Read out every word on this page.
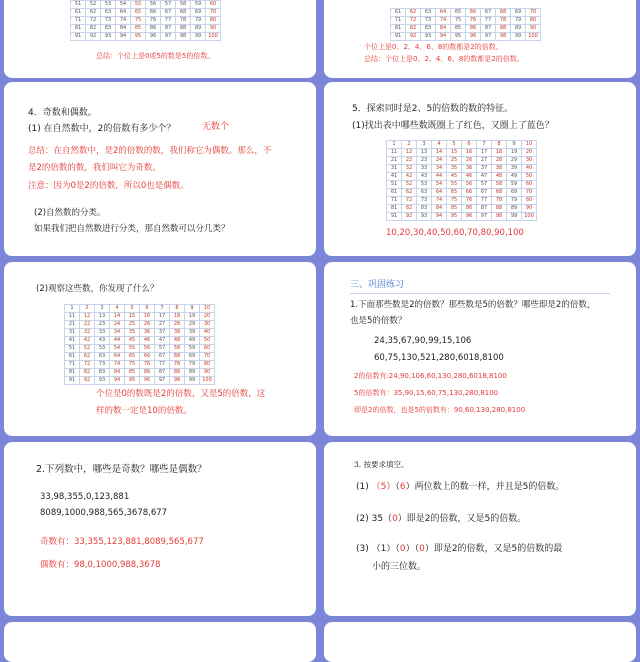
51	52	53	54	55	56	57	58	59	60
61	62	63	64	65	66	67	68	69	70
71	72	73	74	75	76	77	78	79	80
81	82	83	84	85	86	87	88	89	90
91	92	93	94	95	96	97	98	99	100

总结：个位上是0或5的数是5的倍数。

61	62	63	64	65	66	67	68	69	70
71	72	73	74	75	76	77	78	79	80
81	82	83	84	85	86	87	88	89	90
91	92	93	94	95	96	97	98	99	100

个位上是0、2、4、6、8的数都是2的倍数。

总结：个位上是0、2、4、6、8的数都是2的倍数。

4．奇数和偶数。

(1) 在自然数中，2的倍数有多少个？	无数个

总结：在自然数中，是2的倍数的数，我们称它为偶数。那么，不

是2的倍数的数，我们叫它为奇数。

注意：因为0是2的倍数，所以0也是偶数。

(2)自然数的分类。

如果我们把自然数进行分类，那自然数可以分几类？

5．探索同时是2、5的倍数的数的特征。

(1)找出表中哪些数既圈上了红色，又圈上了蓝色？

1	2	3	4	5	6	7	8	9	10
11	12	13	14	15	16	17	18	19	20
21	22	23	24	25	26	27	28	29	30
31	32	33	34	35	36	37	38	39	40
41	42	43	44	45	46	47	48	49	50
51	52	53	54	55	56	57	58	59	60
61	62	63	64	65	66	67	68	69	70
71	72	73	74	75	76	77	78	79	80
81	82	83	84	85	86	87	88	89	90
91	92	93	94	95	96	97	98	99	100

10,20,30,40,50,60,70,80,90,100

(2)观察这些数，你发现了什么？

1	2	3	4	5	6	7	8	9	10
11	12	13	14	15	16	17	18	19	20
21	22	23	24	25	26	27	28	29	30
31	32	33	34	35	36	37	38	39	40
41	42	43	44	45	46	47	48	49	50
51	52	53	54	55	56	57	58	59	60
61	62	63	64	65	66	67	68	69	70
71	72	73	74	75	76	77	78	79	80
81	82	83	84	85	86	87	88	89	90
91	92	93	94	95	96	97	98	99	100

个位是0的数既是2的倍数，又是5的倍数，这

样的数一定是10的倍数。

三、巩固练习

1.下面那些数是2的倍数？那些数是5的倍数？哪些即是2的倍数，

也是5的倍数？

24,35,67,90,99,15,106

60,75,130,521,280,6018,8100

2的倍数有:24,90,106,60,130,280,6018,8100

5的倍数有：35,90,15,60,75,130,280,8100

即是2的倍数，也是5的倍数有：90,60,130,280,8100

2.下列数中，哪些是奇数？哪些是偶数？

33,98,355,0,123,881

8089,1000,988,565,3678,677

奇数有：33,355,123,881,8089,565,677

偶数有：98,0,1000,988,3678

3. 按要求填空。

(1) （5）（6）两位数上的数一样，并且是5的倍数。

(2) 35（0）即是2的倍数，又是5的倍数。

(3) （1）（0）（0）即是2的倍数，又是5的倍数的最

小的三位数。
